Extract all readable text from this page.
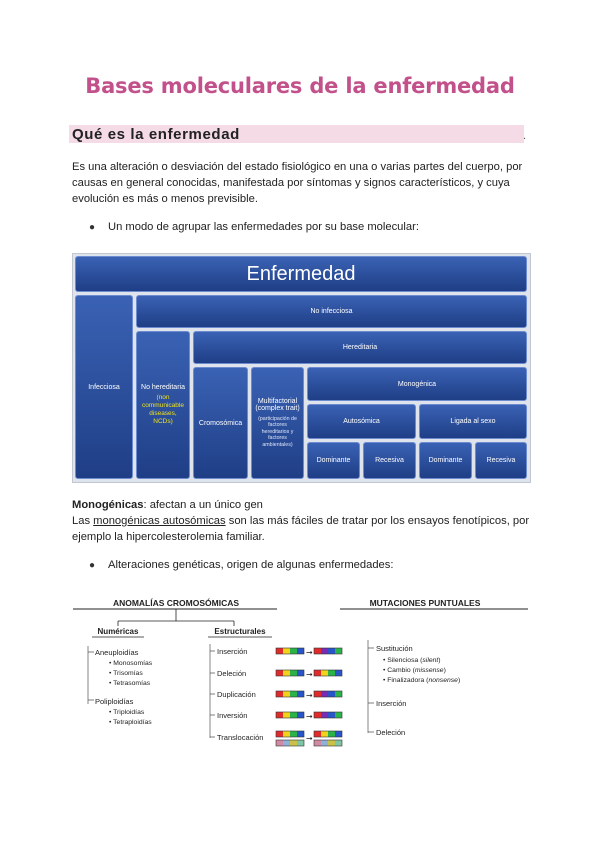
Bases moleculares de la enfermedad
Qué es la enfermedad	.
Es una alteración o desviación del estado fisiológico en una o varias partes del cuerpo, por
causas en general conocidas, manifestada por síntomas y signos característicos, y cuya
evolución es más o menos previsible.
● Un modo de agrupar las enfermedades por su base molecular:
Enfermedad
Infecciosa
No infecciosa
No hereditaria
(non
communicable
diseases,
NCDs)
Hereditaria
Cromosómica
Multifactorial
(complex trait)
(participación de
factores
hereditarios y
factores
ambientales)
Monogénica
Autosómica	Ligada al sexo
Dominante	Recesiva	Dominante	Recesiva
Monogénicas: afectan a un único gen
Las monogénicas autosómicas son las más fáciles de tratar por los ensayos fenotípicos, por
ejemplo la hipercolesterolemia familiar.
● Alteraciones genéticas, origen de algunas enfermedades:
ANOMALÍAS CROMOSÓMICAS
Numéricas	Estructurales
Aneuploidías
• Monosomías
• Trisomías
• Tetrasomías
Poliploidías
• Triploidías
• Tetraploidías
Inserción
Deleción
Duplicación
Inversión
Translocación
➞
➞
➞
➞
➞
MUTACIONES PUNTUALES
Sustitución
• Silenciosa (silent)
• Cambio (missense)
• Finalizadora (nonsense)
Inserción
Deleción
